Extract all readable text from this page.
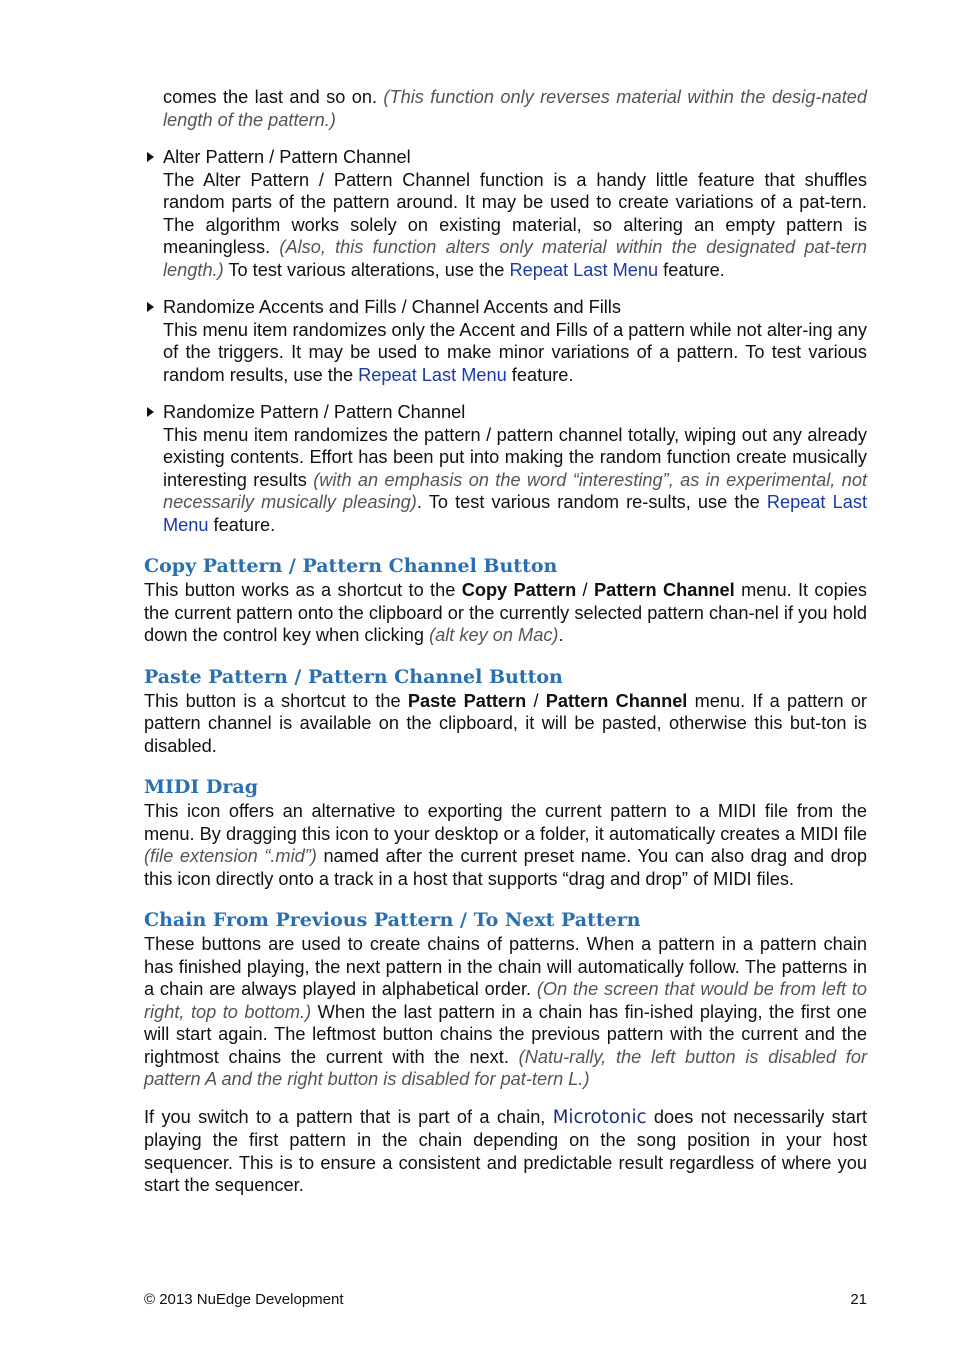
comes the last and so on. (This function only reverses material within the desig-nated length of the pattern.)

Alter Pattern / Pattern Channel

The Alter Pattern / Pattern Channel function is a handy little feature that shuffles random parts of the pattern around. It may be used to create variations of a pat-tern. The algorithm works solely on existing material, so altering an empty pattern is meaningless. (Also, this function alters only material within the designated pat-tern length.) To test various alterations, use the Repeat Last Menu feature.

Randomize Accents and Fills / Channel Accents and Fills

This menu item randomizes only the Accent and Fills of a pattern while not alter-ing any of the triggers. It may be used to make minor variations of a pattern. To test various random results, use the Repeat Last Menu feature.

Randomize Pattern / Pattern Channel

This menu item randomizes the pattern / pattern channel totally, wiping out any already existing contents. Effort has been put into making the random function create musically interesting results (with an emphasis on the word “interesting”, as in experimental, not necessarily musically pleasing). To test various random re-sults, use the Repeat Last Menu feature.

Copy Pattern / Pattern Channel Button

This button works as a shortcut to the Copy Pattern / Pattern Channel menu. It copies the current pattern onto the clipboard or the currently selected pattern chan-nel if you hold down the control key when clicking (alt key on Mac).

Paste Pattern / Pattern Channel Button

This button is a shortcut to the Paste Pattern / Pattern Channel menu. If a pattern or pattern channel is available on the clipboard, it will be pasted, otherwise this but-ton is disabled.

MIDI Drag

This icon offers an alternative to exporting the current pattern to a MIDI file from the menu. By dragging this icon to your desktop or a folder, it automatically creates a MIDI file (file extension “.mid”) named after the current preset name. You can also drag and drop this icon directly onto a track in a host that supports “drag and drop” of MIDI files.

Chain From Previous Pattern / To Next Pattern

These buttons are used to create chains of patterns. When a pattern in a pattern chain has finished playing, the next pattern in the chain will automatically follow. The patterns in a chain are always played in alphabetical order. (On the screen that would be from left to right, top to bottom.) When the last pattern in a chain has fin-ished playing, the first one will start again. The leftmost button chains the previous pattern with the current and the rightmost chains the current with the next. (Natu-rally, the left button is disabled for pattern A and the right button is disabled for pat-tern L.)

If you switch to a pattern that is part of a chain, Microtonic does not necessarily start playing the first pattern in the chain depending on the song position in your host sequencer. This is to ensure a consistent and predictable result regardless of where you start the sequencer.

© 2013 NuEdge Development	21
